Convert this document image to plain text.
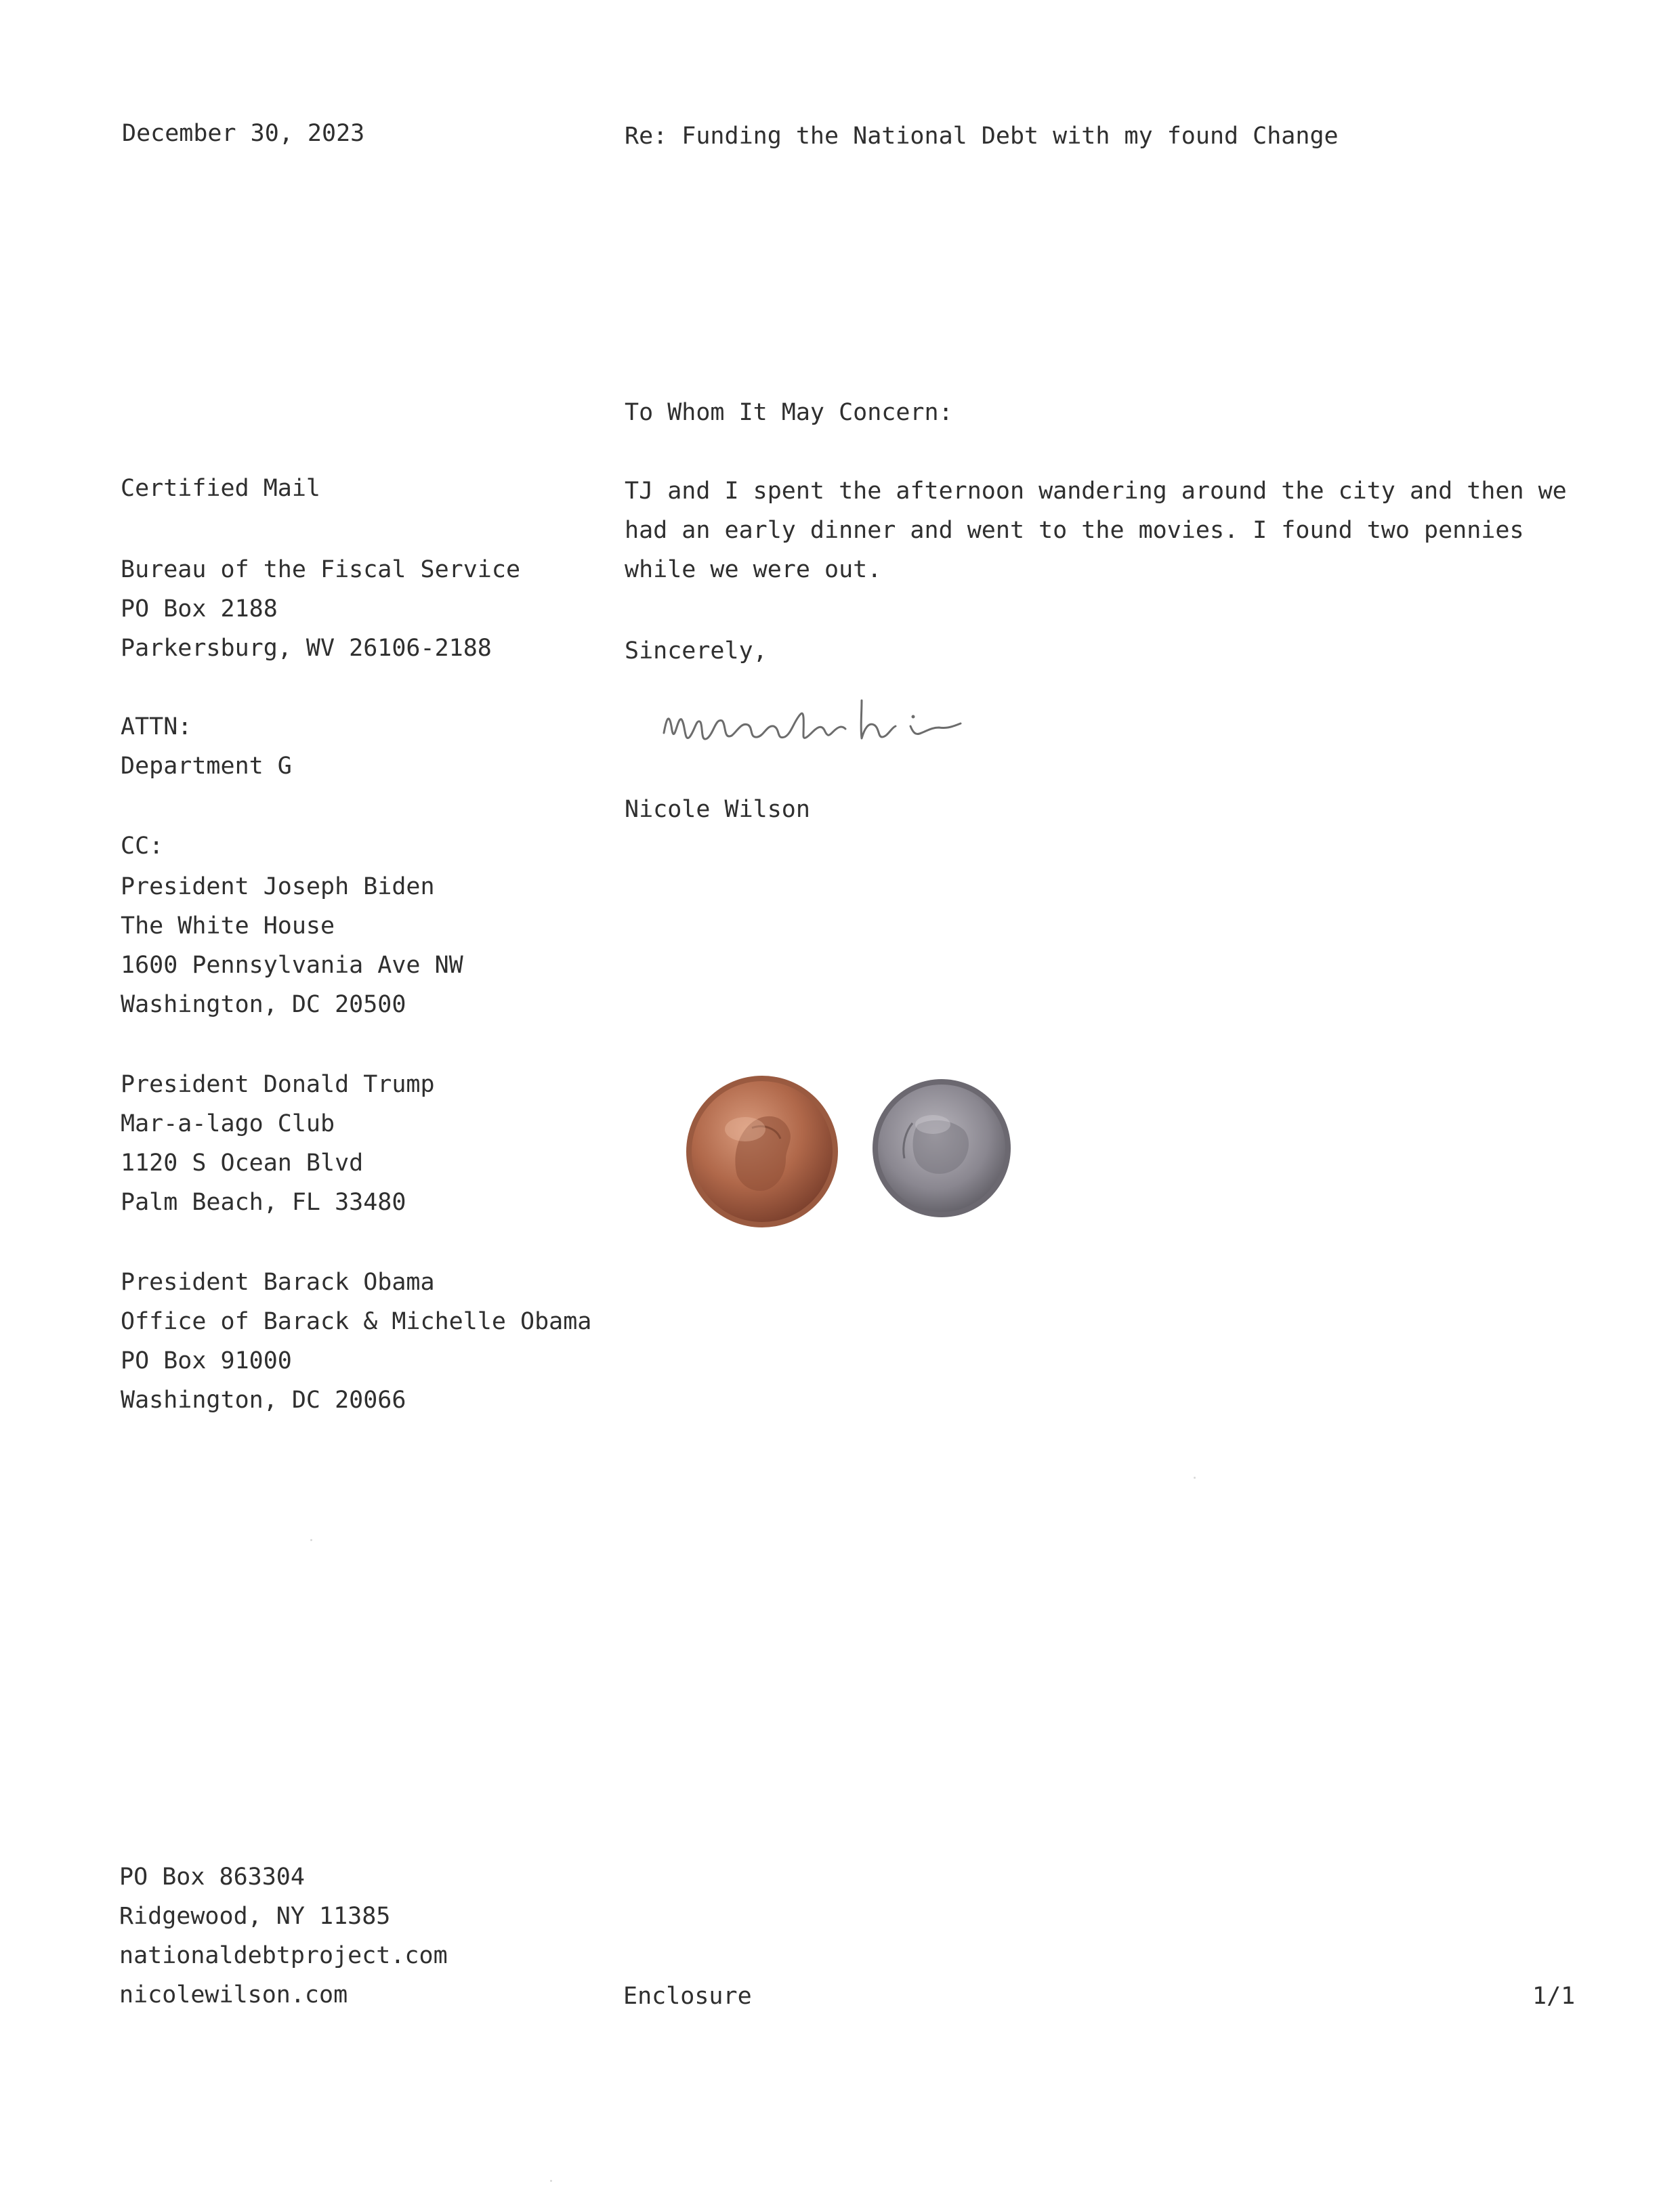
December 30, 2023	Re: Funding the National Debt with my found Change
To Whom It May Concern:
TJ and I spent the afternoon wandering around the city and then we
had an early dinner and went to the movies. I found two pennies
while we were out.
Sincerely,
Nicole Wilson
Certified Mail
Bureau of the Fiscal Service
PO Box 2188
Parkersburg, WV 26106-2188
ATTN:
Department G
CC:
President Joseph Biden
The White House
1600 Pennsylvania Ave NW
Washington, DC 20500
President Donald Trump
Mar-a-lago Club
1120 S Ocean Blvd
Palm Beach, FL 33480
President Barack Obama
Office of Barack & Michelle Obama
PO Box 91000
Washington, DC 20066
PO Box 863304
Ridgewood, NY 11385
nationaldebtproject.com
nicolewilson.com	Enclosure	1/1
